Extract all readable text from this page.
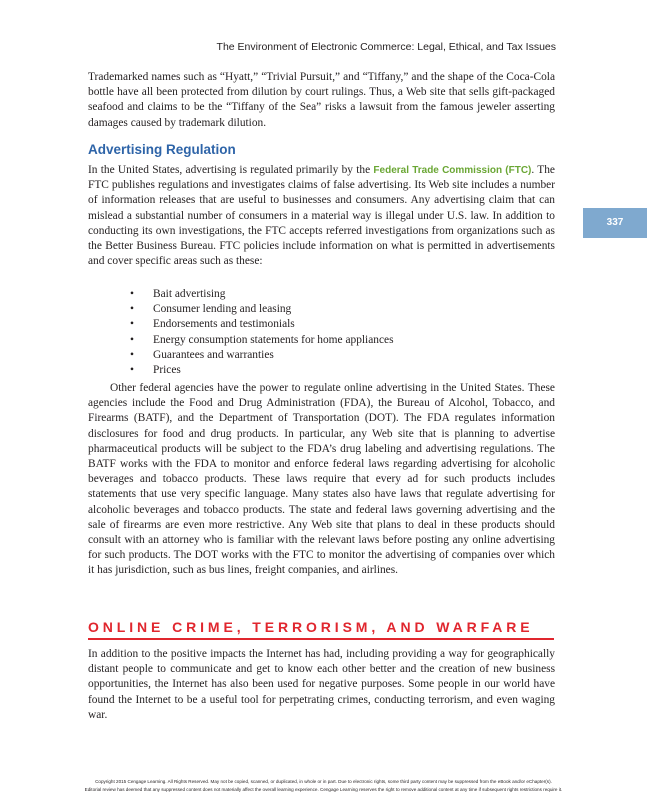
The Environment of Electronic Commerce: Legal, Ethical, and Tax Issues

Trademarked names such as “Hyatt,” “Trivial Pursuit,” and “Tiffany,” and the shape of the Coca-Cola bottle have all been protected from dilution by court rulings. Thus, a Web site that sells gift-packaged seafood and claims to be the “Tiffany of the Sea” risks a lawsuit from the famous jeweler asserting damages caused by trademark dilution.

Advertising Regulation

In the United States, advertising is regulated primarily by the Federal Trade Commission (FTC). The FTC publishes regulations and investigates claims of false advertising. Its Web site includes a number of information releases that are useful to businesses and consumers. Any advertising claim that can mislead a substantial number of consumers in a material way is illegal under U.S. law. In addition to conducting its own investigations, the FTC accepts referred investigations from organizations such as the Better Business Bureau. FTC policies include information on what is permitted in advertisements and cover specific areas such as these:

337
• Bait advertising
• Consumer lending and leasing
• Endorsements and testimonials
• Energy consumption statements for home appliances
• Guarantees and warranties
• Prices

Other federal agencies have the power to regulate online advertising in the United States. These agencies include the Food and Drug Administration (FDA), the Bureau of Alcohol, Tobacco, and Firearms (BATF), and the Department of Transportation (DOT). The FDA regulates information disclosures for food and drug products. In particular, any Web site that is planning to advertise pharmaceutical products will be subject to the FDA’s drug labeling and advertising regulations. The BATF works with the FDA to monitor and enforce federal laws regarding advertising for alcoholic beverages and tobacco products. These laws require that every ad for such products includes statements that use very specific language. Many states also have laws that regulate advertising for alcoholic beverages and tobacco products. The state and federal laws governing advertising and the sale of firearms are even more restrictive. Any Web site that plans to deal in these products should consult with an attorney who is familiar with the relevant laws before posting any online advertising for such products. The DOT works with the FTC to monitor the advertising of companies over which it has jurisdiction, such as bus lines, freight companies, and airlines.

ONLINE CRIME, TERRORISM, AND WARFARE

In addition to the positive impacts the Internet has had, including providing a way for geographically distant people to communicate and get to know each other better and the creation of new business opportunities, the Internet has also been used for negative purposes. Some people in our world have found the Internet to be a useful tool for perpetrating crimes, conducting terrorism, and even waging war.

Copyright 2015 Cengage Learning. All Rights Reserved. May not be copied, scanned, or duplicated, in whole or in part. Due to electronic rights, some third party content may be suppressed from the eBook and/or eChapter(s).
Editorial review has deemed that any suppressed content does not materially affect the overall learning experience. Cengage Learning reserves the right to remove additional content at any time if subsequent rights restrictions require it.
